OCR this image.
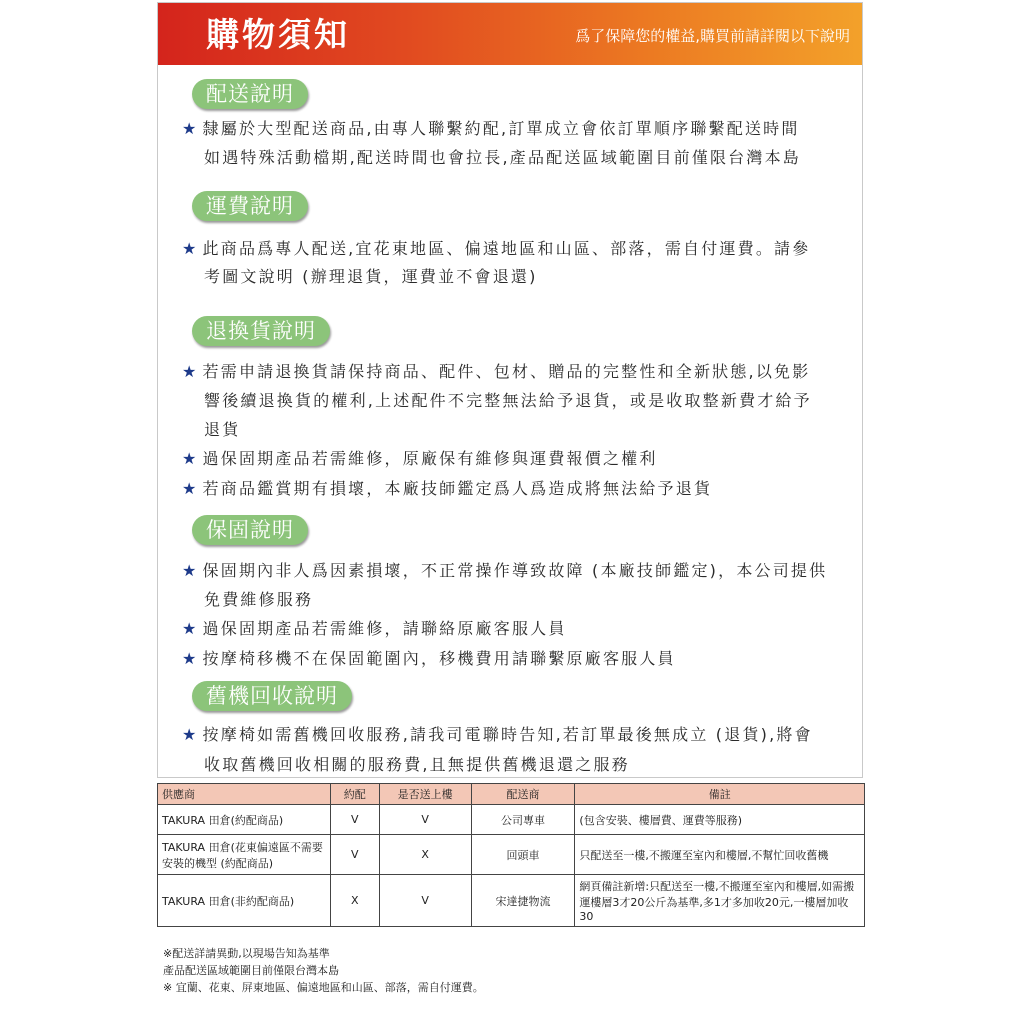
購物須知	爲了保障您的權益,購買前請詳閱以下說明
配送說明
★ 隸屬於大型配送商品,由專人聯繫約配,訂單成立會依訂單順序聯繫配送時間
如遇特殊活動檔期,配送時間也會拉長,產品配送區域範圍目前僅限台灣本島
運費說明
★ 此商品爲專人配送,宜花東地區、偏遠地區和山區、部落，需自付運費。請參
考圖文說明 (辦理退貨，運費並不會退還)
退換貨說明
★ 若需申請退換貨請保持商品、配件、包材、贈品的完整性和全新狀態,以免影
響後續退換貨的權利,上述配件不完整無法給予退貨，或是收取整新費才給予
退貨
★ 過保固期產品若需維修，原廠保有維修與運費報價之權利
★ 若商品鑑賞期有損壞，本廠技師鑑定爲人爲造成將無法給予退貨
保固說明
★ 保固期內非人爲因素損壞，不正常操作導致故障 (本廠技師鑑定)，本公司提供
免費維修服務
★ 過保固期產品若需維修，請聯絡原廠客服人員
★ 按摩椅移機不在保固範圍內，移機費用請聯繫原廠客服人員
舊機回收說明
★ 按摩椅如需舊機回收服務,請我司電聯時告知,若訂單最後無成立 (退貨),將會
收取舊機回收相關的服務費,且無提供舊機退還之服務
供應商	約配	是否送上樓	配送商	備註
TAKURA 田倉(約配商品)	V	V	公司專車	(包含安裝、樓層費、運費等服務)
TAKURA 田倉(花東偏遠區不需要安裝的機型 (約配商品)	V	X	回頭車	只配送至一樓,不搬運至室內和樓層,不幫忙回收舊機
TAKURA 田倉(非約配商品)	X	V	宋達捷物流	網頁備註新增:只配送至一樓,不搬運至室內和樓層,如需搬運樓層3才20公斤為基準,多1才多加收20元,一樓層加收30
※配送詳請異動,以現場告知為基準
產品配送區域範圍目前僅限台灣本島
※ 宜蘭、花東、屏東地區、偏遠地區和山區、部落，需自付運費。
